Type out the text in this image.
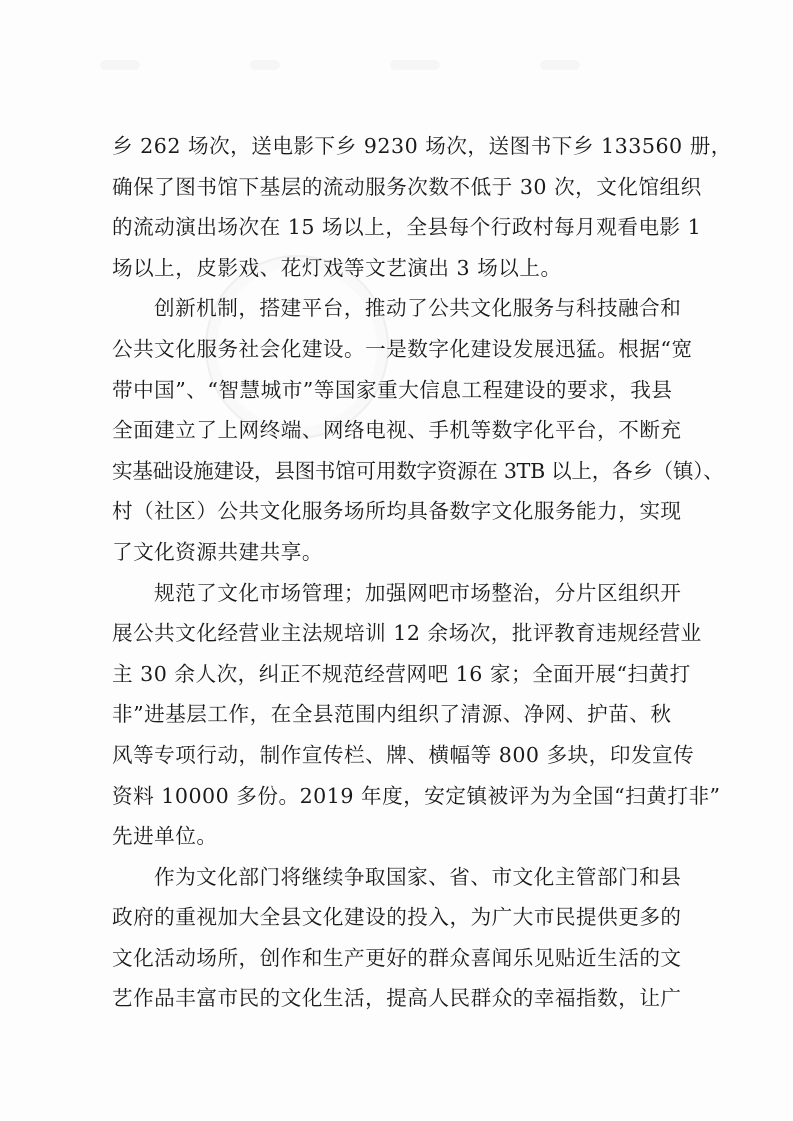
乡 262 场次，送电影下乡 9230 场次，送图书下乡 133560 册，
确保了图书馆下基层的流动服务次数不低于 30 次，文化馆组织
的流动演出场次在 15 场以上，全县每个行政村每月观看电影 1
场以上，皮影戏、花灯戏等文艺演出 3 场以上。
创新机制，搭建平台，推动了公共文化服务与科技融合和
公共文化服务社会化建设。一是数字化建设发展迅猛。根据“宽
带中国”、“智慧城市”等国家重大信息工程建设的要求，我县
全面建立了上网终端、网络电视、手机等数字化平台，不断充
实基础设施建设，县图书馆可用数字资源在 3TB 以上，各乡（镇）、
村（社区）公共文化服务场所均具备数字文化服务能力，实现
了文化资源共建共享。
规范了文化市场管理；加强网吧市场整治，分片区组织开
展公共文化经营业主法规培训 12 余场次，批评教育违规经营业
主 30 余人次，纠正不规范经营网吧 16 家；全面开展“扫黄打
非”进基层工作，在全县范围内组织了清源、净网、护苗、秋
风等专项行动，制作宣传栏、牌、横幅等 800 多块，印发宣传
资料 10000 多份。2019 年度，安定镇被评为为全国“扫黄打非”
先进单位。
作为文化部门将继续争取国家、省、市文化主管部门和县
政府的重视加大全县文化建设的投入，为广大市民提供更多的
文化活动场所，创作和生产更好的群众喜闻乐见贴近生活的文
艺作品丰富市民的文化生活，提高人民群众的幸福指数，让广
